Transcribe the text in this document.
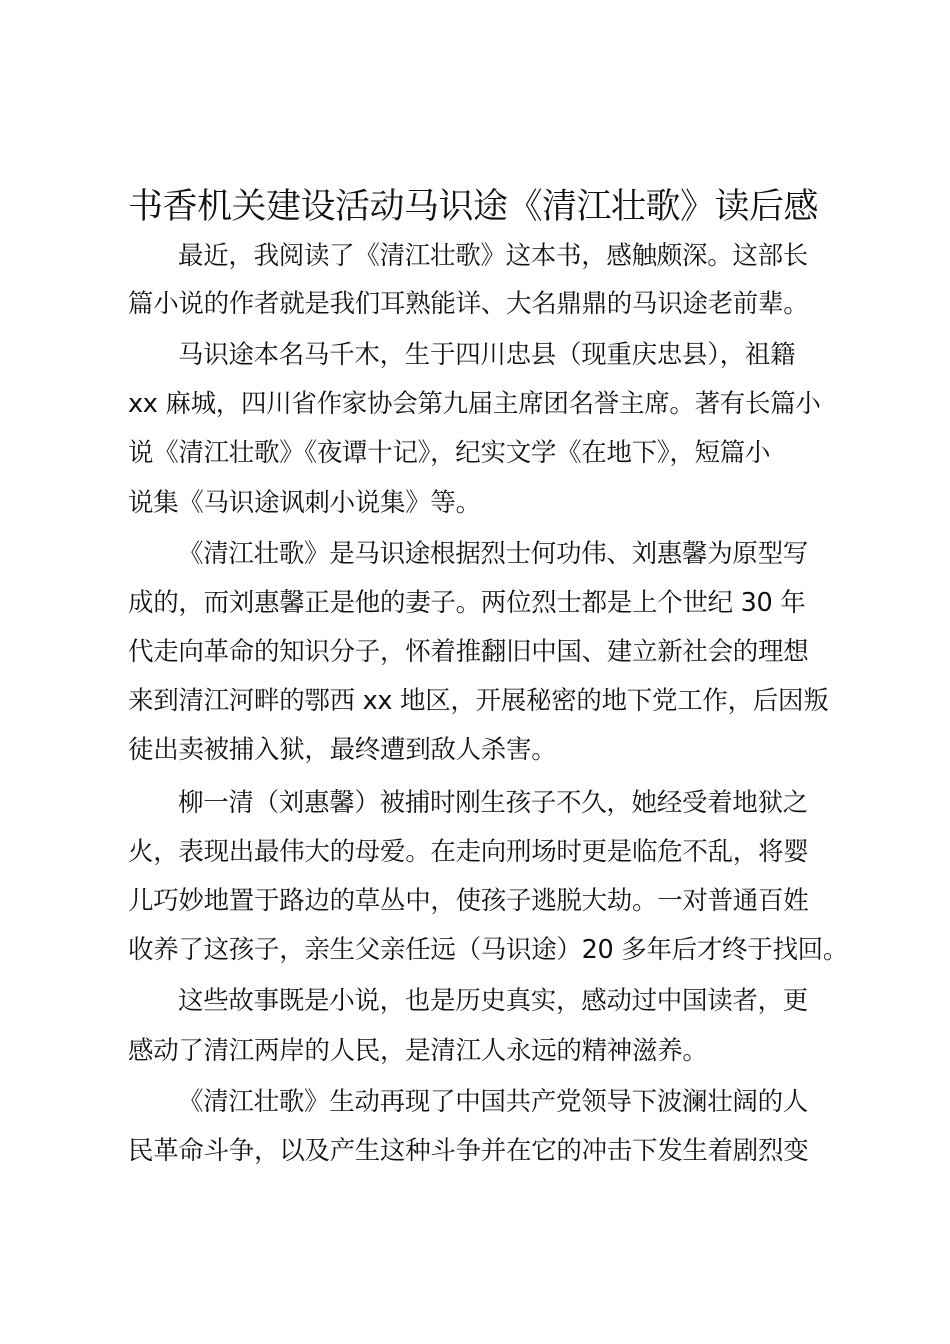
书香机关建设活动马识途《清江壮歌》读后感
最近，我阅读了《清江壮歌》这本书，感触颇深。这部长
篇小说的作者就是我们耳熟能详、大名鼎鼎的马识途老前辈。
马识途本名马千木，生于四川忠县（现重庆忠县），祖籍
xx 麻城，四川省作家协会第九届主席团名誉主席。著有长篇小
说《清江壮歌》《夜谭十记》，纪实文学《在地下》，短篇小
说集《马识途讽刺小说集》等。
《清江壮歌》是马识途根据烈士何功伟、刘惠馨为原型写
成的，而刘惠馨正是他的妻子。两位烈士都是上个世纪 30 年
代走向革命的知识分子，怀着推翻旧中国、建立新社会的理想
来到清江河畔的鄂西 xx 地区，开展秘密的地下党工作，后因叛
徒出卖被捕入狱，最终遭到敌人杀害。
柳一清（刘惠馨）被捕时刚生孩子不久，她经受着地狱之
火，表现出最伟大的母爱。在走向刑场时更是临危不乱，将婴
儿巧妙地置于路边的草丛中，使孩子逃脱大劫。一对普通百姓
收养了这孩子，亲生父亲任远（马识途）20 多年后才终于找回。
这些故事既是小说，也是历史真实，感动过中国读者，更
感动了清江两岸的人民，是清江人永远的精神滋养。
《清江壮歌》生动再现了中国共产党领导下波澜壮阔的人
民革命斗争，以及产生这种斗争并在它的冲击下发生着剧烈变
